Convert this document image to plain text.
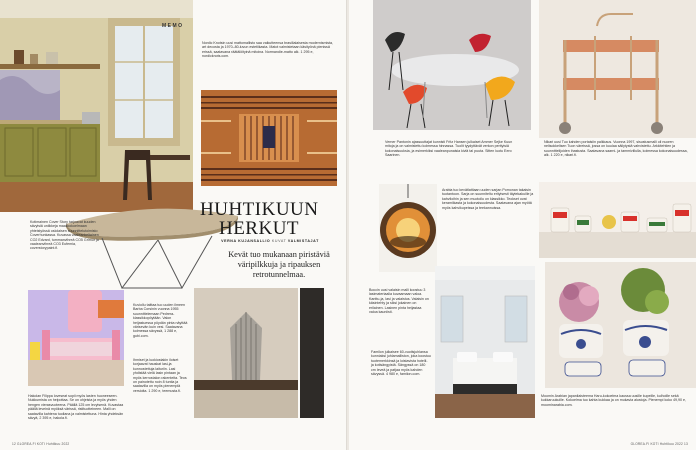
MEMO
Nordic Knotsin uusi mattomallisto saa vaikutteensa brasilialaisesta modernismista, art decosta ja 1970–80-luvun estetiikasta. Matot valmistetaan käsityönä pienissä erissä, saatavana räätälöityinä mitoina. Normandie-matto alk. 1 295 e, nordicknots.com.
Kotimainen Cover Story tarjoavat kuuden sävyisiä uniikkeja maalikokoelmaan yhteistyössä oslolaisen suunnittelutoimisto Coverhunkassa. Kuvassa vaaleankeltainen CO2 Edvard, tummanvihreä CO5 Grimur ja vaaleanvihreä CO3 Eufemia, coverstorypaint.fi.
HUHTIKUUN HERKUT
VERNA KUJANSALLIO KUVAT VALMISTAJAT
Kevät tuo mukanaan piristäviä väripilkkuja ja ripauksen retrotunnelmaa.
Kuviollu taittaa tuo uuden ilmeen Barba Corsinin vuonna 1955 suunnittelemaan Pedrera-klassikkopöytään. Valon heijastuessa pöydän pinta näyttää värisevän kuin vesi. Saatavana kolmessa sävyssä, 1 288 e, gubi.com.
Ihmiset ja luokiostakin iloiset korjaavat hauskat lasi-ja kunnostettuja laituriin. Lasi yhdistää vielä lasin pintaan ja myös kerrostalon rakenteita. Teos on painotettu noin 8 tuntia ja saatavilla on myös pienempiä versioita. 1 290 e, teemusta.fi.
Hakolan Filippa loveseat sopii myös lasten huoneeseen. Nukkumista on helpottaa. Se on ohjeista ja myös yhden hengen vierasvuoteena. Päällä 125 cm levyisenä. Kuvastaa päällä leveinä myöksä värissä, ristituotteineen. Malli on saatavilla kahtena tuoliana ja valmistettuna. Hinta yhdeksän sävyä, 2 395 e, hakola.fi.
12 GLOREA.FI KOTI Huhtikuu 2022
Verner Pantonin ajassuuttajat kunnisti Fritz Hansen julkaiset Ammer Sejke Kuun mitoja ja on valmistettu kolmessa hinnassa. Tuolit tyydyttävät verkon perityisiä kokonaisuuksia, ja esimerkiksi vaaleanpunaisia kiviä tai puuta. Sitten luotu Eero Saarinen.
Nikari uusi Tuo kahden portaisiin palkkaus. Vuonna 1997, sisustusmalli oli nuoren nelisokkelisen Tuon väreissä, jossa on kuulaa säilytystä vahvistettu. Arkkitehtien ja suunnittelijoiden ihastusta. Saatavana saarni- ja tammiviilulla, kolmessa kokonaisuudessa, alk. 1 220 e, nikari.fi.
Arabia tuo kevätlattiaan uuden sarjan Pomonan takaisin tuotantoon. Sarja on suunniteltu erityisesti täytekakuille ja kahviloihin ja sen muotoilu on klassikko. Teokset ovat keramiikasta ja kokonaisuudesta. Saatavana ajan myötä myös kahvikupeissa ja teekannuissa.
Boccin uusi valaisin malli koostuu 3 lasimateriaalia kuvaamaan valoa. Kanttu-ja, lasi ja valaistus. Valaisin on käsintehty ja siksi jokainen on erilainen. Lasinen pinta heijastaa valoa kauniisti.
Familon julkaisee 60-vuotisjuhlansa kunniaksi juhlamalliston, joka koostuu tuotemerkkinsä ja loistavista hotelli- ja kotisängyistä. Sängyssä on 180 cm leveä ja patjaa myös kahden sävyssä. 4 980 e, familon.com.
Moomin Arabian japanilaisteema Haru-kokoelma kaussa uusille kupeille, kulhoille sekä kukkaruukuille. Kokoelma tuo kahta kukkaa ja on mukavia alustoja. Pienempi koko 49,90 e, moominarabia.com.
GLOREA.FI KOTI Huhtikuu 2022 13
